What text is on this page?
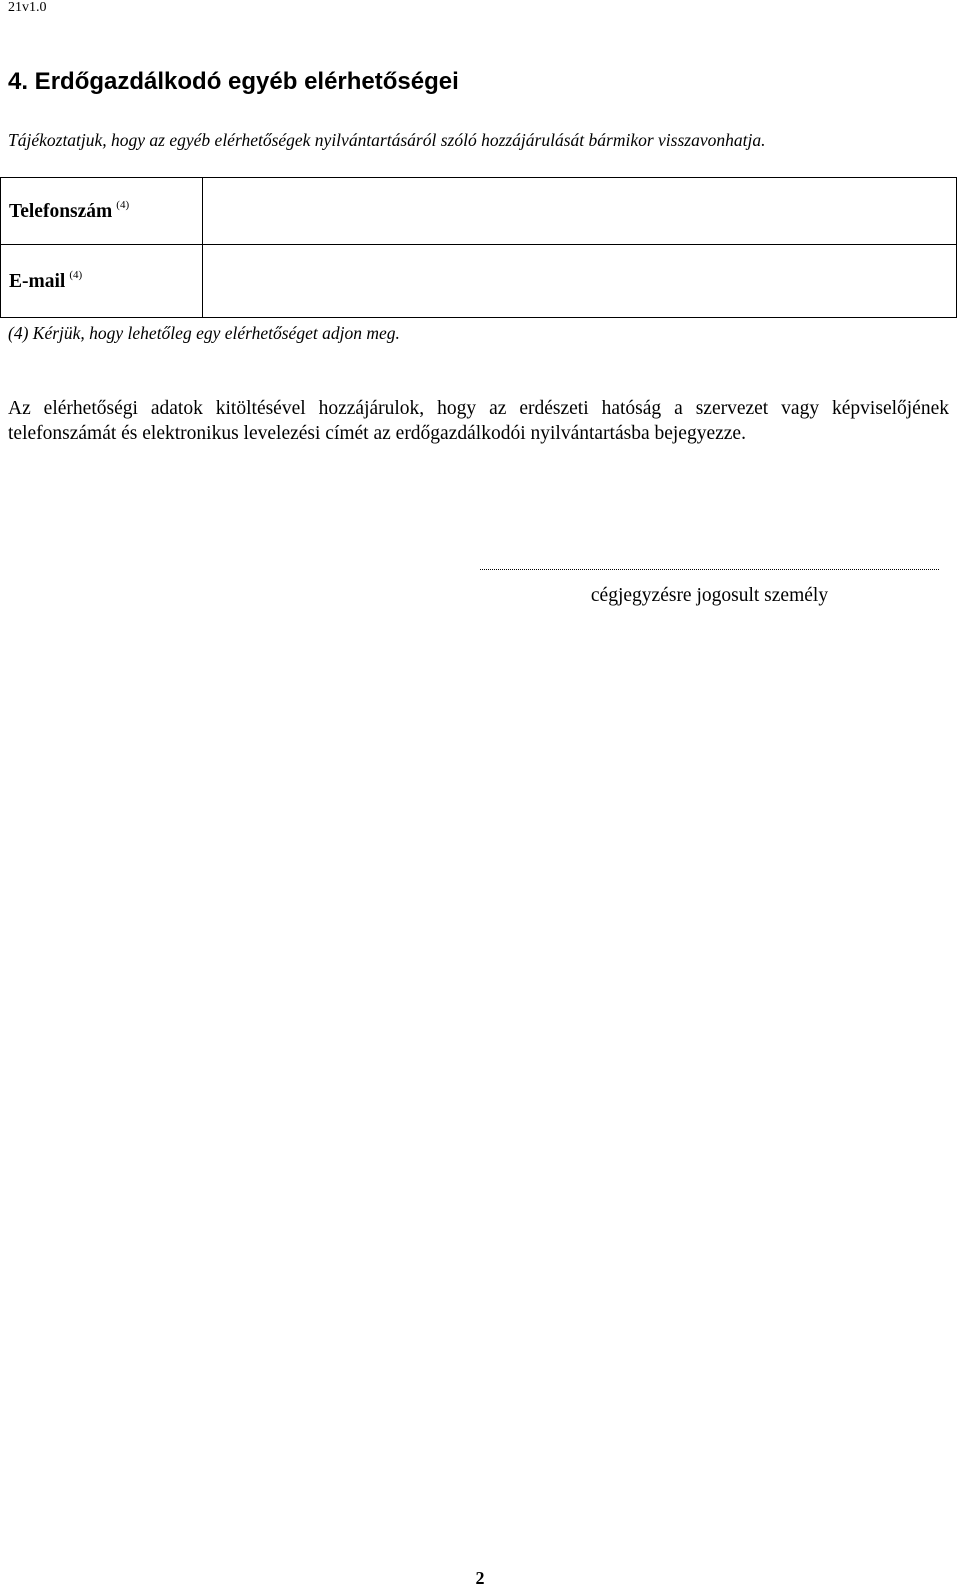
21v1.0
4. Erdőgazdálkodó egyéb elérhetőségei

Tájékoztatjuk, hogy az egyéb elérhetőségek nyilvántartásáról szóló hozzájárulását bármikor visszavonhatja.

Telefonszám $^{(4)}$	
E-mail $^{(4)}$	

(4) Kérjük, hogy lehetőleg egy elérhetőséget adjon meg.

Az elérhetőségi adatok kitöltésével hozzájárulok, hogy az erdészeti hatóság a szervezet vagy képviselőjének telefonszámát és elektronikus levelezési címét az erdőgazdálkodói nyilvántartásba bejegyezze.

cégjegyzésre jogosult személy
2
